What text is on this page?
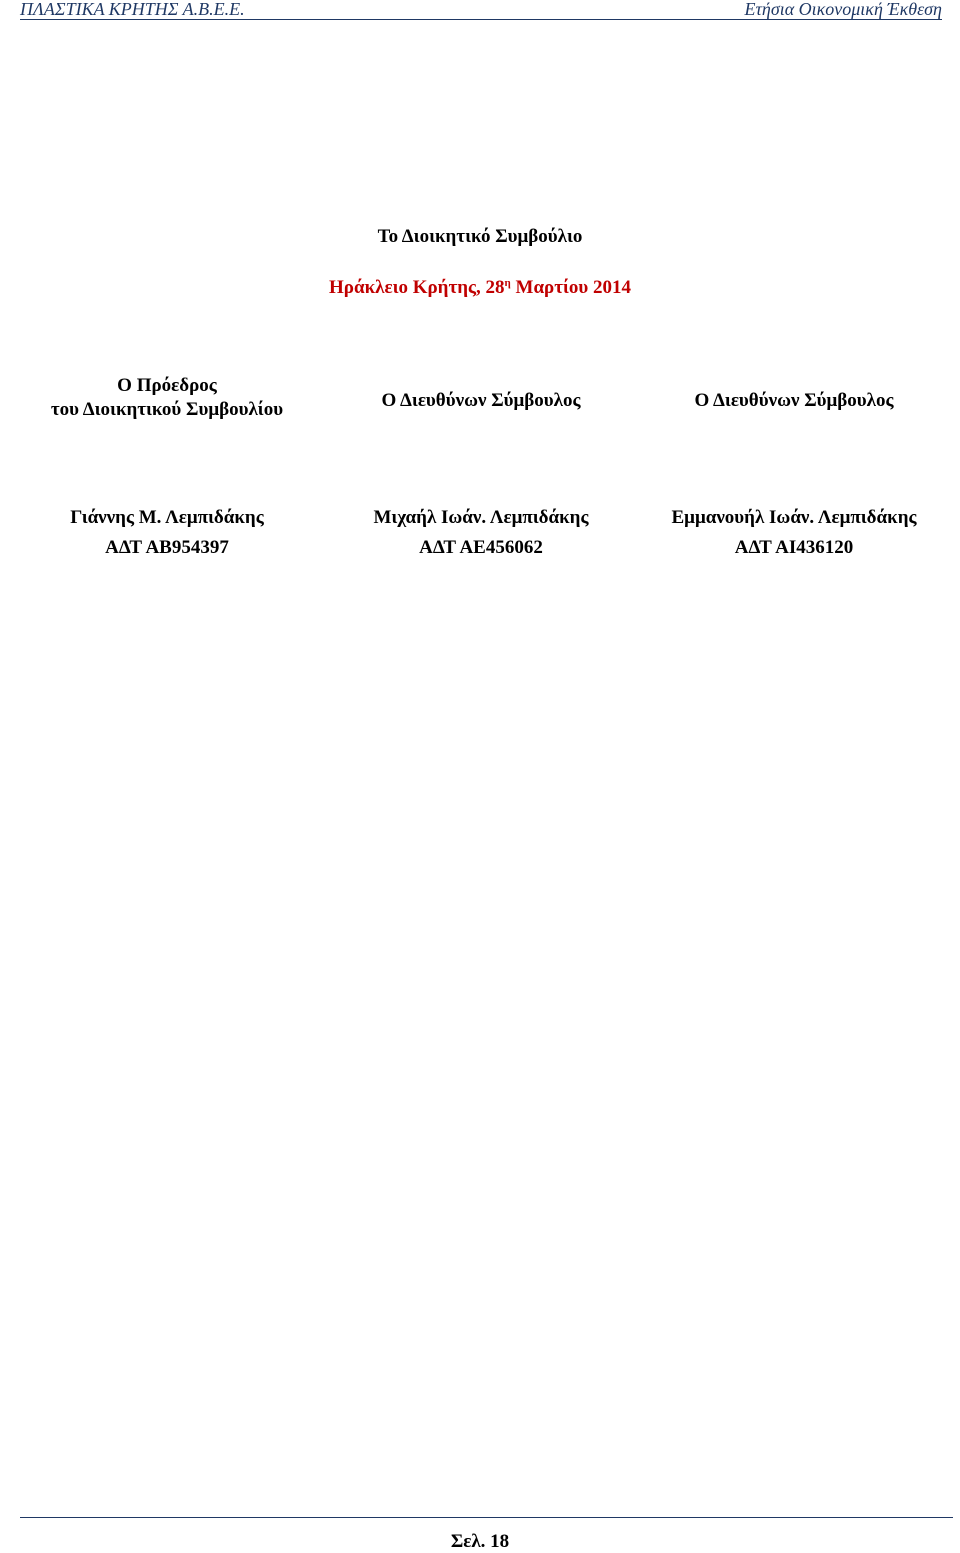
ΠΛΑΣΤΙΚΑ ΚΡΗΤΗΣ Α.Β.Ε.Ε.	Ετήσια Οικονομική Έκθεση
Το Διοικητικό Συμβούλιο
Ηράκλειο Κρήτης, $28^\eta$ Μαρτίου 2014
Ο Πρόεδρος
του Διοικητικού Συμβουλίου
Γιάννης Μ. Λεμπιδάκης
ΑΔΤ ΑΒ954397
Ο Διευθύνων Σύμβουλος
Μιχαήλ Ιωάν. Λεμπιδάκης
ΑΔΤ ΑΕ456062
Ο Διευθύνων Σύμβουλος
Εμμανουήλ Ιωάν. Λεμπιδάκης
ΑΔΤ ΑΙ436120
Σελ. 18
